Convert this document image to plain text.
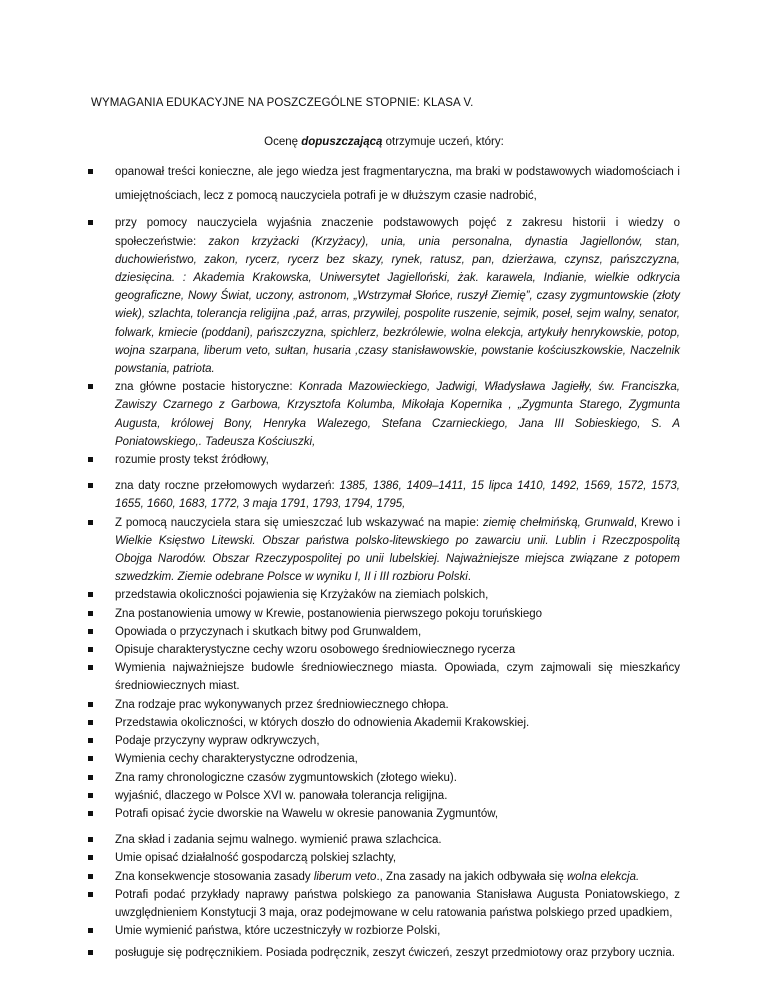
WYMAGANIA EDUKACYJNE NA POSZCZEGÓLNE STOPNIE: KLASA V.
Ocenę dopuszczającą otrzymuje uczeń, który:
opanował treści konieczne, ale jego wiedza jest fragmentaryczna, ma braki w podstawowych wiadomościach i umiejętnościach, lecz z pomocą nauczyciela potrafi je w dłuższym czasie nadrobić,
przy pomocy nauczyciela wyjaśnia znaczenie podstawowych pojęć z zakresu historii i wiedzy o społeczeństwie: zakon krzyżacki (Krzyżacy), unia, unia personalna, dynastia Jagiellonów, stan, duchowieństwo, zakon, rycerz, rycerz bez skazy, rynek, ratusz, pan, dzierżawa, czynsz, pańszczyzna, dziesięcina. : Akademia Krakowska, Uniwersytet Jagielloński, żak. karawela, Indianie, wielkie odkrycia geograficzne, Nowy Świat, uczony, astronom, „Wstrzymał Słońce, ruszył Ziemię”, czasy zygmuntowskie (złoty wiek), szlachta, tolerancja religijna ,paź, arras, przywilej, pospolite ruszenie, sejmik, poseł, sejm walny, senator, folwark, kmiecie (poddani), pańszczyzna, spichlerz, bezkrólewie, wolna elekcja, artykuły henrykowskie, potop, wojna szarpana, liberum veto, sułtan, husaria ,czasy stanisławowskie, powstanie kościuszkowskie, Naczelnik powstania, patriota.
zna główne postacie historyczne: Konrada Mazowieckiego, Jadwigi, Władysława Jagiełły, św. Franciszka, Zawiszy Czarnego z Garbowa, Krzysztofa Kolumba, Mikołaja Kopernika , „Zygmunta Starego, Zygmunta Augusta, królowej Bony, Henryka Walezego, Stefana Czarnieckiego, Jana III Sobieskiego, S. A Poniatowskiego,. Tadeusza Kościuszki,
rozumie prosty tekst źródłowy,
zna daty roczne przełomowych wydarzeń: 1385, 1386, 1409–1411, 15 lipca 1410, 1492, 1569, 1572, 1573, 1655, 1660, 1683, 1772, 3 maja 1791, 1793, 1794, 1795,
Z pomocą nauczyciela stara się umieszczać lub wskazywać na mapie: ziemię chełmińską, Grunwald, Krewo i Wielkie Księstwo Litewski. Obszar państwa polsko-litewskiego po zawarciu unii. Lublin i Rzeczpospolitą Obojga Narodów. Obszar Rzeczypospolitej po unii lubelskiej. Najważniejsze miejsca związane z potopem szwedzkim. Ziemie odebrane Polsce w wyniku I, II i III rozbioru Polski.
przedstawia okoliczności pojawienia się Krzyżaków na ziemiach polskich,
Zna postanowienia umowy w Krewie, postanowienia pierwszego pokoju toruńskiego
Opowiada o przyczynach i skutkach bitwy pod Grunwaldem,
Opisuje charakterystyczne cechy wzoru osobowego średniowiecznego rycerza
Wymienia najważniejsze budowle średniowiecznego miasta. Opowiada, czym zajmowali się mieszkańcy średniowiecznych miast.
Zna rodzaje prac wykonywanych przez średniowiecznego chłopa.
Przedstawia okoliczności, w których doszło do odnowienia Akademii Krakowskiej.
Podaje przyczyny wypraw odkrywczych,
Wymienia cechy charakterystyczne odrodzenia,
Zna ramy chronologiczne czasów zygmuntowskich (złotego wieku).
wyjaśnić, dlaczego w Polsce XVI w. panowała tolerancja religijna.
Potrafi opisać życie dworskie na Wawelu w okresie panowania Zygmuntów,
Zna skład i zadania sejmu walnego. wymienić prawa szlachcica.
Umie opisać działalność gospodarczą polskiej szlachty,
Zna konsekwencje stosowania zasady liberum veto., Zna zasady na jakich odbywała się wolna elekcja.
Potrafi podać przykłady naprawy państwa polskiego za panowania Stanisława Augusta Poniatowskiego, z uwzględnieniem Konstytucji 3 maja, oraz podejmowane w celu ratowania państwa polskiego przed upadkiem,
Umie wymienić państwa, które uczestniczyły w rozbiorze Polski,
posługuje się podręcznikiem. Posiada podręcznik, zeszyt ćwiczeń, zeszyt przedmiotowy oraz przybory ucznia.
